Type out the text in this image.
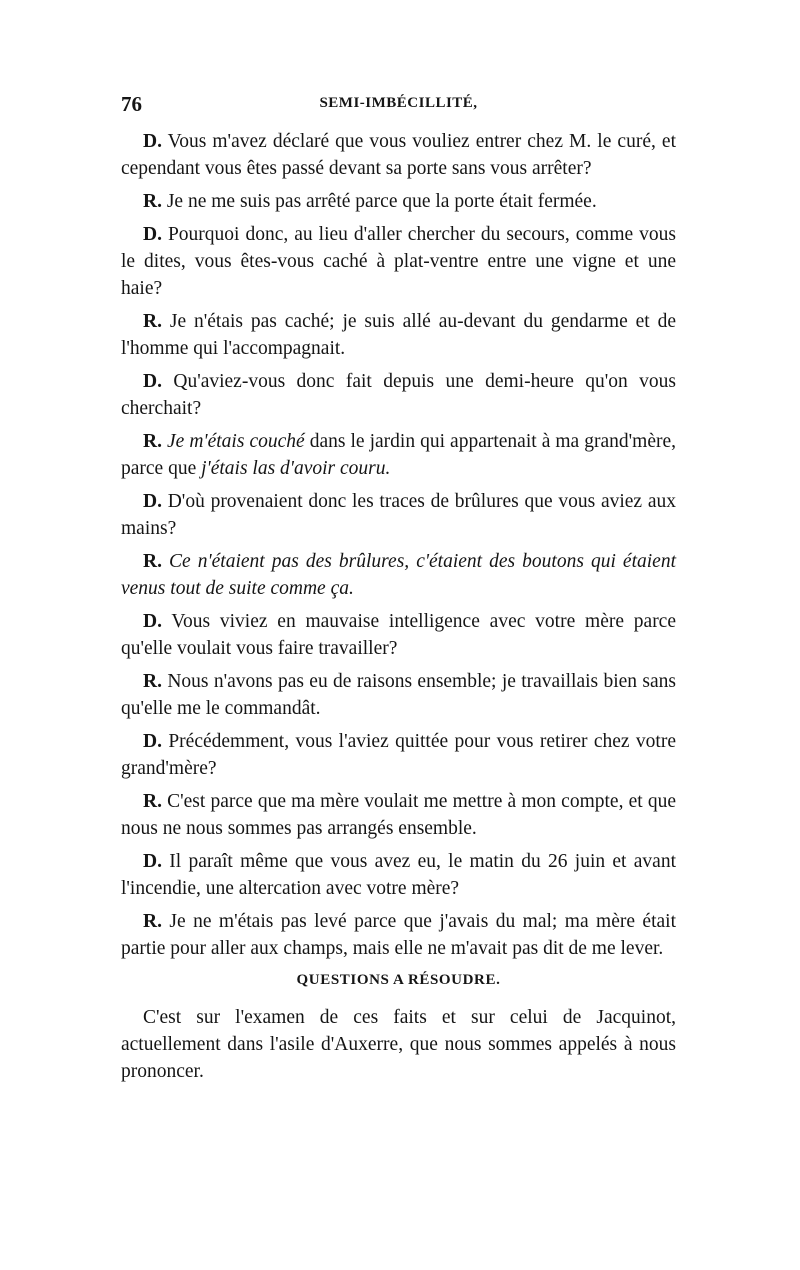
76	SEMI-IMBÉCILLITÉ,

D. Vous m'avez déclaré que vous vouliez entrer chez M. le curé, et cependant vous êtes passé devant sa porte sans vous arrêter?

R. Je ne me suis pas arrêté parce que la porte était fermée.

D. Pourquoi donc, au lieu d'aller chercher du secours, comme vous le dites, vous êtes-vous caché à plat-ventre entre une vigne et une haie?

R. Je n'étais pas caché; je suis allé au-devant du gendarme et de l'homme qui l'accompagnait.

D. Qu'aviez-vous donc fait depuis une demi-heure qu'on vous cherchait?

R. Je m'étais couché dans le jardin qui appartenait à ma grand'mère, parce que j'étais las d'avoir couru.

D. D'où provenaient donc les traces de brûlures que vous aviez aux mains?

R. Ce n'étaient pas des brûlures, c'étaient des boutons qui étaient venus tout de suite comme ça.

D. Vous viviez en mauvaise intelligence avec votre mère parce qu'elle voulait vous faire travailler?

R. Nous n'avons pas eu de raisons ensemble; je travaillais bien sans qu'elle me le commandât.

D. Précédemment, vous l'aviez quittée pour vous retirer chez votre grand'mère?

R. C'est parce que ma mère voulait me mettre à mon compte, et que nous ne nous sommes pas arrangés ensemble.

D. Il paraît même que vous avez eu, le matin du 26 juin et avant l'incendie, une altercation avec votre mère?

R. Je ne m'étais pas levé parce que j'avais du mal; ma mère était partie pour aller aux champs, mais elle ne m'avait pas dit de me lever.

QUESTIONS A RÉSOUDRE.

C'est sur l'examen de ces faits et sur celui de Jacquinot, actuellement dans l'asile d'Auxerre, que nous sommes appelés à nous prononcer.
